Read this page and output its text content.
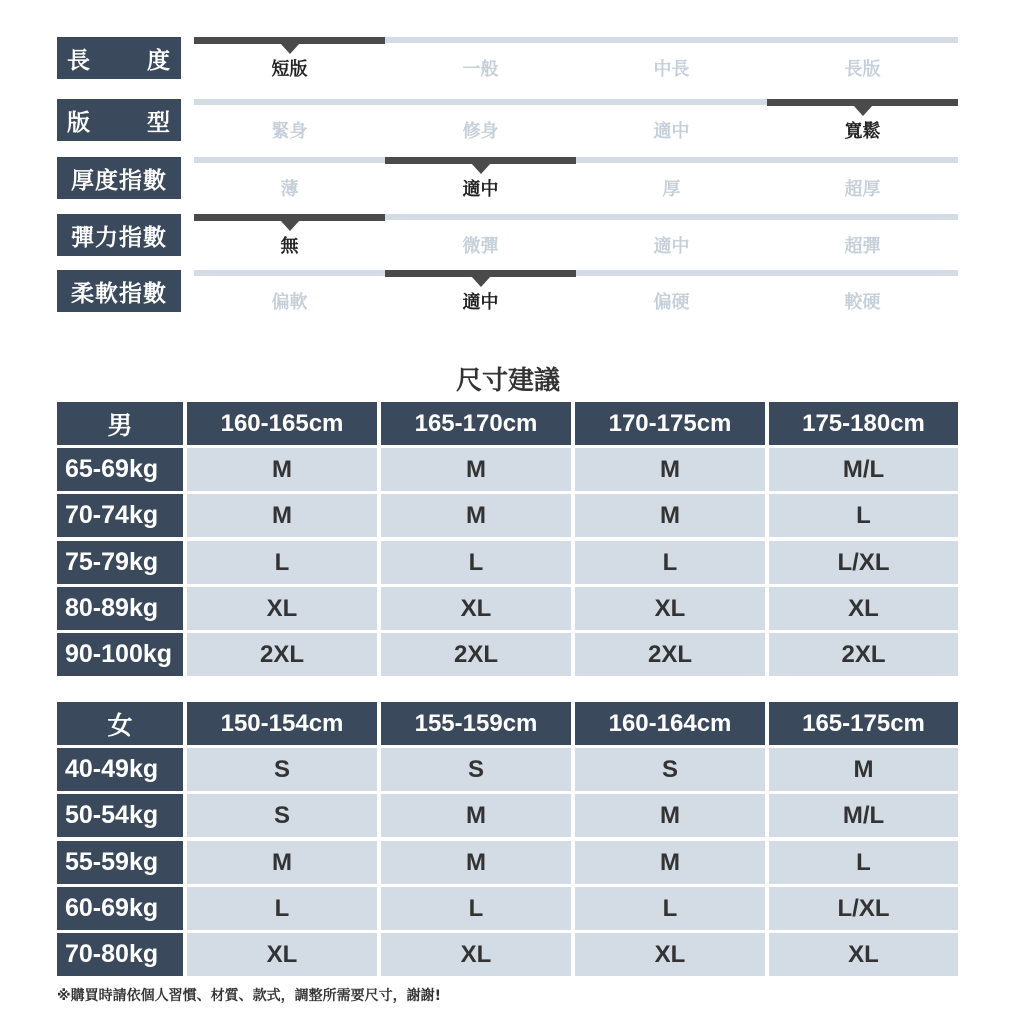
長 度	短版	一般	中長	長版
版 型	緊身	修身	適中	寬鬆
厚度指數	薄	適中	厚	超厚
彈力指數	無	微彈	適中	超彈
柔軟指數	偏軟	適中	偏硬	較硬
尺寸建議
男	160-165cm	165-170cm	170-175cm	175-180cm
65-69kg	M	M	M	M/L
70-74kg	M	M	M	L
75-79kg	L	L	L	L/XL
80-89kg	XL	XL	XL	XL
90-100kg	2XL	2XL	2XL	2XL
女	150-154cm	155-159cm	160-164cm	165-175cm
40-49kg	S	S	S	M
50-54kg	S	M	M	M/L
55-59kg	M	M	M	L
60-69kg	L	L	L	L/XL
70-80kg	XL	XL	XL	XL
※購買時請依個人習慣、材質、款式，調整所需要尺寸，謝謝!
